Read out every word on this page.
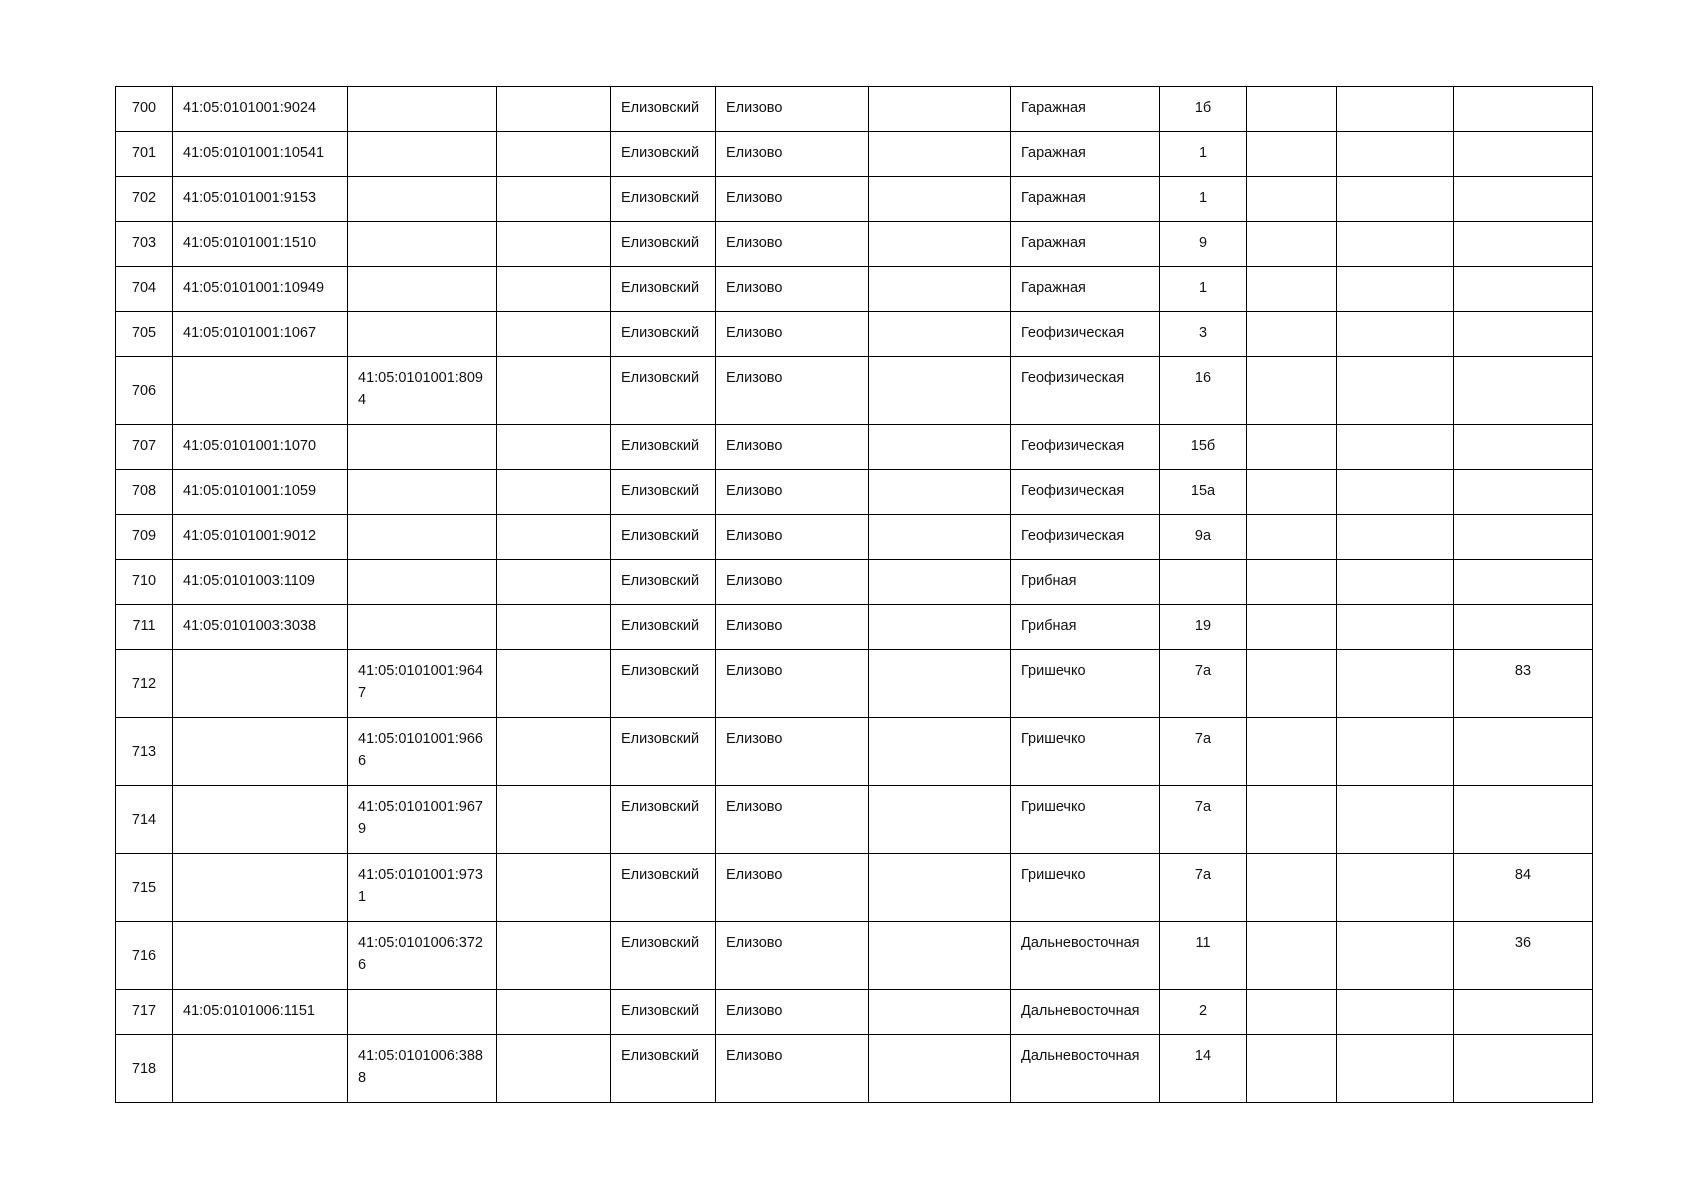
700	41:05:0101001:9024			Елизовский	Елизово		Гаражная	1б			
701	41:05:0101001:10541			Елизовский	Елизово		Гаражная	1			
702	41:05:0101001:9153			Елизовский	Елизово		Гаражная	1			
703	41:05:0101001:1510			Елизовский	Елизово		Гаражная	9			
704	41:05:0101001:10949			Елизовский	Елизово		Гаражная	1			
705	41:05:0101001:1067			Елизовский	Елизово		Геофизическая	3			
706		41:05:0101001:8094		Елизовский	Елизово		Геофизическая	16			
707	41:05:0101001:1070			Елизовский	Елизово		Геофизическая	15б			
708	41:05:0101001:1059			Елизовский	Елизово		Геофизическая	15а			
709	41:05:0101001:9012			Елизовский	Елизово		Геофизическая	9а			
710	41:05:0101003:1109			Елизовский	Елизово		Грибная				
711	41:05:0101003:3038			Елизовский	Елизово		Грибная	19			
712		41:05:0101001:9647		Елизовский	Елизово		Гришечко	7а			83
713		41:05:0101001:9666		Елизовский	Елизово		Гришечко	7а			
714		41:05:0101001:9679		Елизовский	Елизово		Гришечко	7а			
715		41:05:0101001:9731		Елизовский	Елизово		Гришечко	7а			84
716		41:05:0101006:3726		Елизовский	Елизово		Дальневосточная	11			36
717	41:05:0101006:1151			Елизовский	Елизово		Дальневосточная	2			
718		41:05:0101006:3888		Елизовский	Елизово		Дальневосточная	14			
